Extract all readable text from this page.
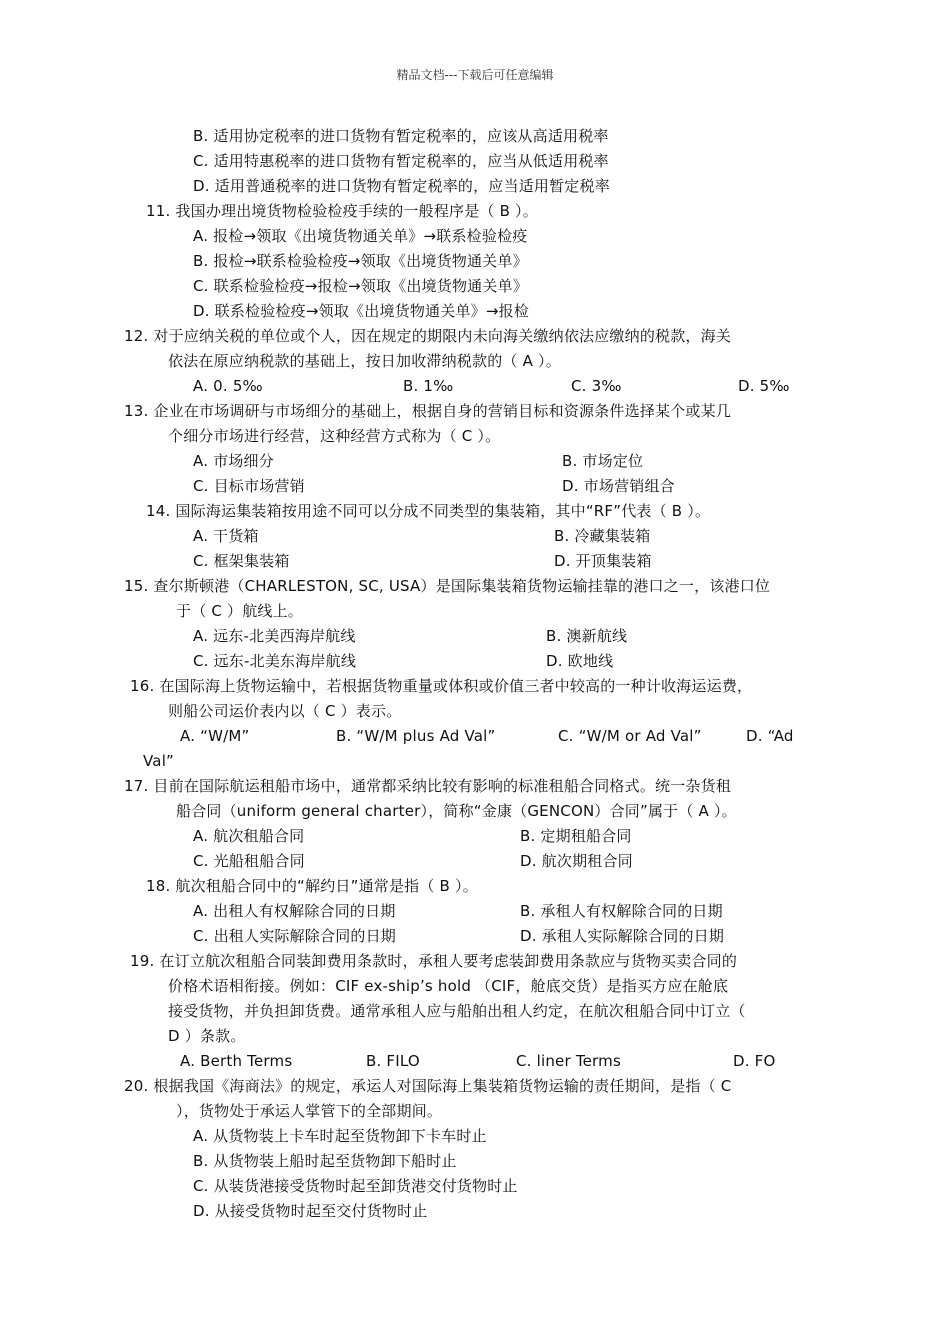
精品文档---下载后可任意编辑
B. 适用协定税率的进口货物有暂定税率的，应该从高适用税率
C. 适用特惠税率的进口货物有暂定税率的，应当从低适用税率
D. 适用普通税率的进口货物有暂定税率的，应当适用暂定税率
11. 我国办理出境货物检验检疫手续的一般程序是（ B ）。
A. 报检→领取《出境货物通关单》→联系检验检疫
B. 报检→联系检验检疫→领取《出境货物通关单》
C. 联系检验检疫→报检→领取《出境货物通关单》
D. 联系检验检疫→领取《出境货物通关单》→报检
12. 对于应纳关税的单位或个人，因在规定的期限内未向海关缴纳依法应缴纳的税款，海关
依法在原应纳税款的基础上，按日加收滞纳税款的（ A ）。
A. 0. 5‰	B. 1‰	C. 3‰	D. 5‰
13. 企业在市场调研与市场细分的基础上，根据自身的营销目标和资源条件选择某个或某几
个细分市场进行经营，这种经营方式称为（ C ）。
A. 市场细分	B. 市场定位
C. 目标市场营销	D. 市场营销组合
14. 国际海运集装箱按用途不同可以分成不同类型的集装箱，其中“RF”代表（ B ）。
A. 干货箱	B. 冷藏集装箱
C. 框架集装箱	D. 开顶集装箱
15. 查尔斯顿港（CHARLESTON, SC, USA）是国际集装箱货物运输挂靠的港口之一，该港口位
于（ C ）航线上。
A. 远东-北美西海岸航线	B. 澳新航线
C. 远东-北美东海岸航线	D. 欧地线
16. 在国际海上货物运输中，若根据货物重量或体积或价值三者中较高的一种计收海运运费，
则船公司运价表内以（ C ）表示。
A. “W/M”	B. “W/M plus Ad Val”	C. “W/M or Ad Val”	D. “Ad
Val”
17. 目前在国际航运租船市场中，通常都采纳比较有影响的标准租船合同格式。统一杂货租
船合同（uniform general charter），简称“金康（GENCON）合同”属于（ A ）。
A. 航次租船合同	B. 定期租船合同
C. 光船租船合同	D. 航次期租合同
18. 航次租船合同中的“解约日”通常是指（ B ）。
A. 出租人有权解除合同的日期	B. 承租人有权解除合同的日期
C. 出租人实际解除合同的日期	D. 承租人实际解除合同的日期
19. 在订立航次租船合同装卸费用条款时，承租人要考虑装卸费用条款应与货物买卖合同的
价格术语相衔接。例如：CIF ex-ship’s hold （CIF，舱底交货）是指买方应在舱底
接受货物，并负担卸货费。通常承租人应与船舶出租人约定，在航次租船合同中订立（
D ）条款。
A. Berth Terms	B. FILO	C. liner Terms	D. FO
20. 根据我国《海商法》的规定，承运人对国际海上集装箱货物运输的责任期间，是指（ C
），货物处于承运人掌管下的全部期间。
A. 从货物装上卡车时起至货物卸下卡车时止
B. 从货物装上船时起至货物卸下船时止
C. 从装货港接受货物时起至卸货港交付货物时止
D. 从接受货物时起至交付货物时止
